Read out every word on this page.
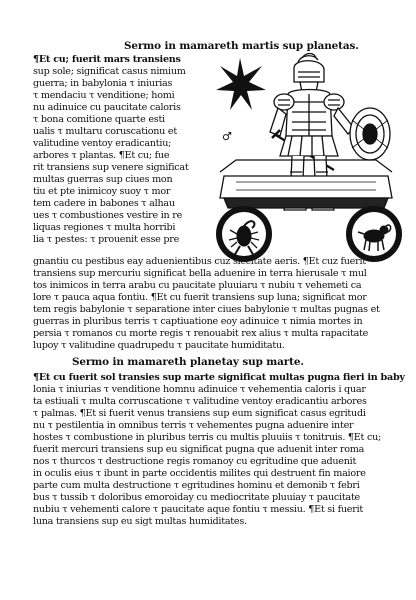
Sermo in mamareth martis sup planetas.
¶Et cu; fuerit mars transiens
sup sole; significat casus nimium
guerra; in babylonia τ iniurias
τ mendaciu τ venditione; homi
nu adinuice cu paucitate caloris
τ bona comitione quarte esti
ualis τ multaru coruscationu et
valitudine ventoy eradicantiu;
arbores τ plantas. ¶Et cu; fue
rit transiens sup venere significat
multas guerras sup ciues mon
tiu et pte inimicoy suoy τ mor
tem cadere in babones τ alhau
ues τ combustiones vestire in re
liquas regiones τ multa horribi
lia τ pestes: τ prouenit esse pre
♂
gnantiu cu pestibus eay aduenientibus cuz siccitate aeris. ¶Et cuz fuerit
transiens sup mercuriu significat bella aduenire in terra hierusale τ mul
tos inimicos in terra arabu cu paucitate pluuiaru τ nubiu τ vehemeti ca
lore τ pauca aqua fontiu. ¶Et cu fuerit transiens sup luna; significat mor
tem regis babylonie τ separatione inter ciues babylonie τ multas pugnas et
guerras in pluribus terris τ captiuatione eoy adinuice τ nimia mortes in
persia τ romanos cu morte regis τ renouabit rex alius τ multa rapacitate
lupoy τ valitudine quadrupedu τ paucitate humiditatu.
Sermo in mamareth planetay sup marte.
¶Et cu fuerit sol transies sup marte significat multas pugna fieri in baby
lonia τ iniurias τ venditione homnu adinuice τ vehementia caloris i quar
ta estiuali τ multa corruscatione τ valitudine ventoy eradicantiu arbores
τ palmas. ¶Et si fuerit venus transiens sup eum significat casus egritudi
nu τ pestilentia in omnibus terris τ vehementes pugna aduenire inter
hostes τ combustione in pluribus terris cu multis pluuiis τ tonitruis. ¶Et cu;
fuerit mercuri transiens sup eu significat pugna que aduenit inter roma
nos τ thurcos τ destructione regis romanoy cu egritudine que aduenit
in oculis eius τ ibunt in parte occidentis milites qui destruent fin maiore
parte cum multa destructione τ egritudines hominu et demonib τ febri
bus τ tussib τ doloribus emoroiday cu mediocritate pluuiay τ paucitate
nubiu τ vehementi calore τ paucitate aque fontiu τ messiu. ¶Et si fuerit
luna transiens sup eu sigt multas humiditates.
